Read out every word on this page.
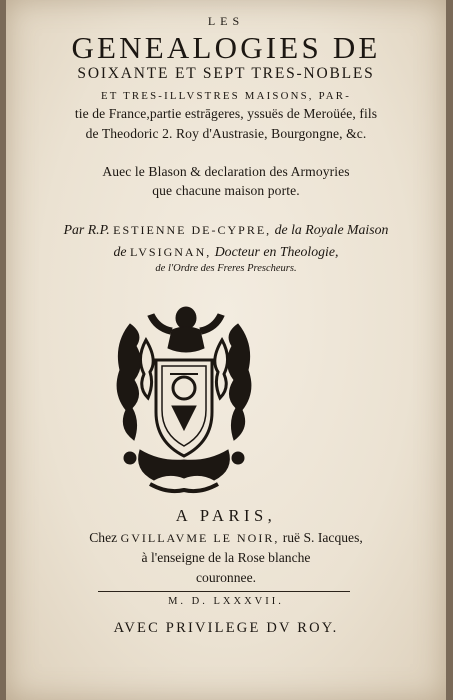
LES
GENEALOGIES DE
SOIXANTE ET SEPT TRES-NOBLES
ET TRES-ILLVSTRES MAISONS, PAR-
tie de France,partie estrāgeres, yssuës de Meroüée, fils
de Theodoric 2. Roy d'Austrasie, Bourgongne, &c.
Auec le Blason & declaration des Armoyries
que chacune maison porte.
Par R.P. ESTIENNE DE-CYPRE, de la Royale Maison
de LVSIGNAN, Docteur en Theologie,
de l'Ordre des Freres Prescheurs.
A PARIS,
Chez GVILLAVME LE NOIR, ruë S. Iacques,
à l'enseigne de la Rose blanche
couronnee.
M. D. LXXXVII.
AVEC PRIVILEGE DV ROY.
